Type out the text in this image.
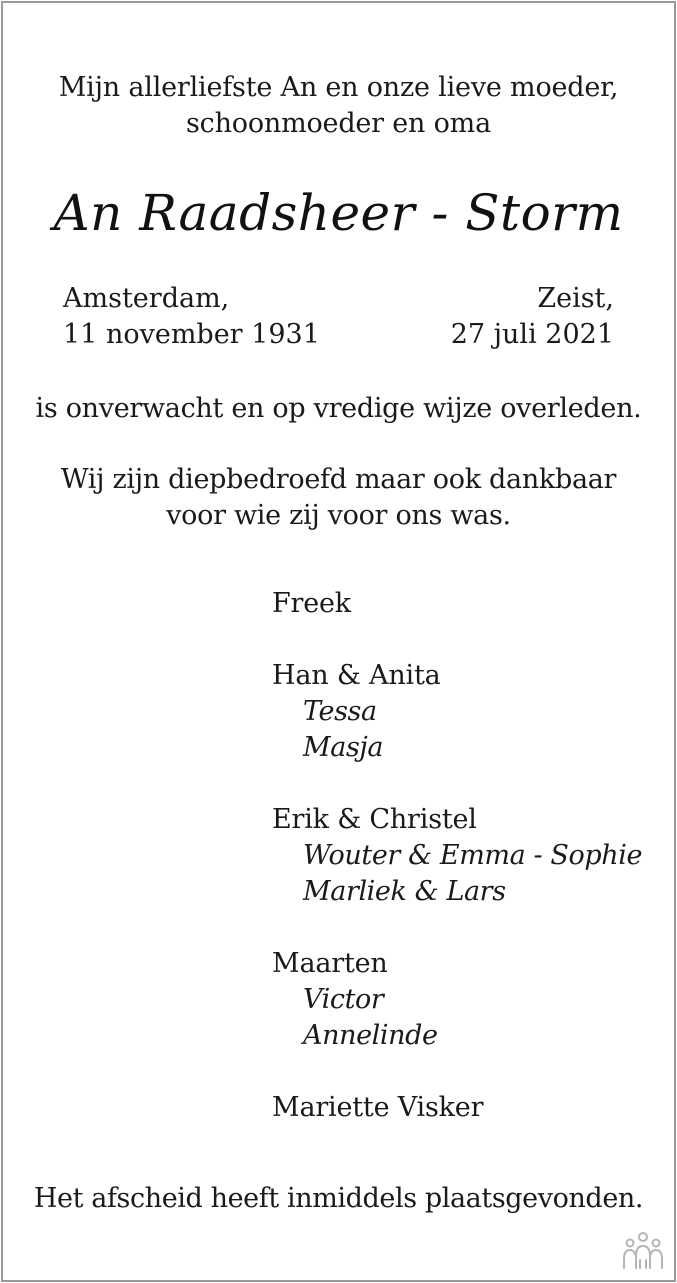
Mijn allerliefste An en onze lieve moeder,
schoonmoeder en oma
An Raadsheer - Storm
Amsterdam,
11 november 1931
Zeist,
27 juli 2021
is onverwacht en op vredige wijze overleden.
Wij zijn diepbedroefd maar ook dankbaar
voor wie zij voor ons was.
Freek
Han & Anita
Tessa
Masja
Erik & Christel
Wouter & Emma - Sophie
Marliek & Lars
Maarten
Victor
Annelinde
Mariette Visker
Het afscheid heeft inmiddels plaatsgevonden.
